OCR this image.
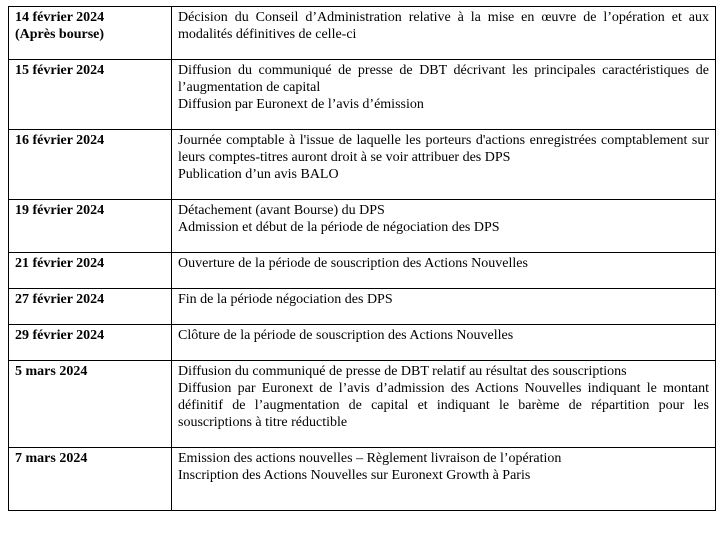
14 février 2024
(Après bourse)	Décision du Conseil d’Administration relative à la mise en œuvre de l’opération et aux modalités définitives de celle-ci

15 février 2024	Diffusion du communiqué de presse de DBT décrivant les principales caractéristiques de l’augmentation de capital
Diffusion par Euronext de l’avis d’émission

16 février 2024	Journée comptable à l'issue de laquelle les porteurs d'actions enregistrées comptablement sur leurs comptes-titres auront droit à se voir attribuer des DPS
Publication d’un avis BALO

19 février 2024	Détachement (avant Bourse) du DPS
Admission et début de la période de négociation des DPS

21 février 2024	Ouverture de la période de souscription des Actions Nouvelles

27 février 2024	Fin de la période négociation des DPS

29 février 2024	Clôture de la période de souscription des Actions Nouvelles

5 mars 2024	Diffusion du communiqué de presse de DBT relatif au résultat des souscriptions
Diffusion par Euronext de l’avis d’admission des Actions Nouvelles indiquant le montant définitif de l’augmentation de capital et indiquant le barème de répartition pour les souscriptions à titre réductible

7 mars 2024	Emission des actions nouvelles – Règlement livraison de l’opération
Inscription des Actions Nouvelles sur Euronext Growth à Paris
